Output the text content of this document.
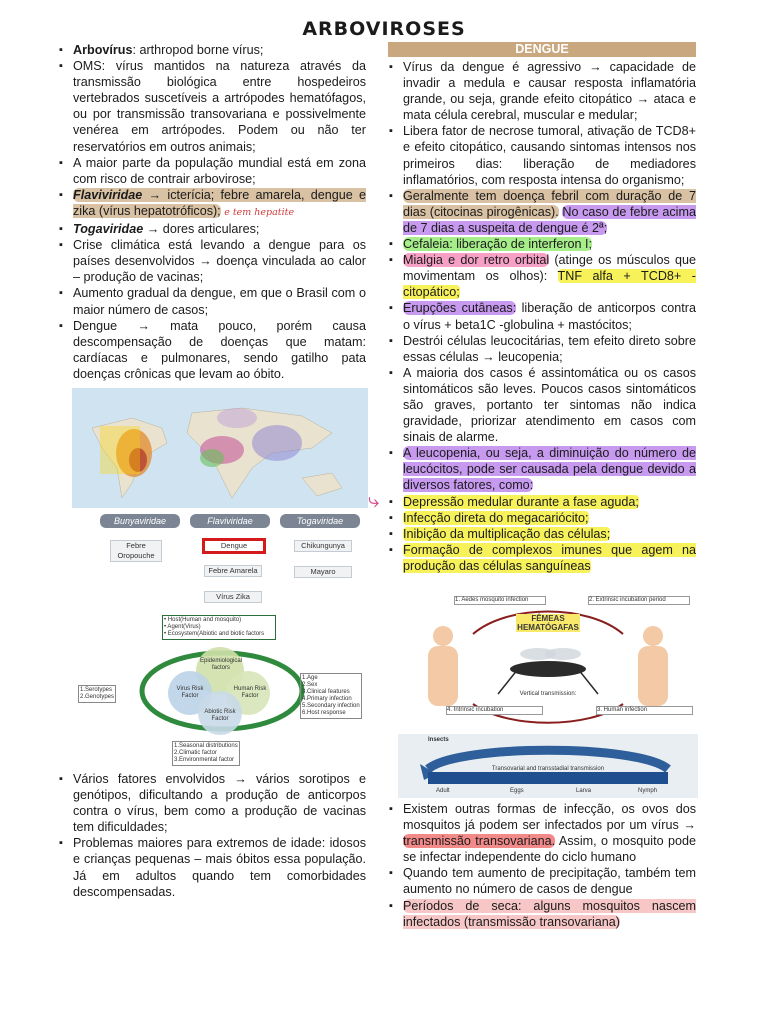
ARBOVIROSES
▪ Arbovírus: arthropod borne vírus;
▪ OMS: vírus mantidos na natureza através da transmissão biológica entre hospedeiros vertebrados suscetíveis a artrópodes hematófagos, ou por transmissão transovariana e possivelmente venérea em artrópodes. Podem ou não ter reservatórios em outros animais;
▪ A maior parte da população mundial está em zona com risco de contrair arbovirose;
▪ Flaviviridae → icterícia; febre amarela, dengue e zika (vírus hepatotróficos); e tem hepatite
▪ Togaviridae → dores articulares;
▪ Crise climática está levando a dengue para os países desenvolvidos → doença vinculada ao calor – produção de vacinas;
▪ Aumento gradual da dengue, em que o Brasil com o maior número de casos;
▪ Dengue → mata pouco, porém causa descompensação de doenças que matam: cardíacas e pulmonares, sendo gatilho pata doenças crônicas que levam ao óbito.
Bunyaviridae	Flaviviridae	Togaviridae
Febre Oropouche
Dengue
Febre Amarela
Vírus Zika
Chikungunya
Mayaro
• Host(Human and mosquito)
• Agent(Virus)
• Ecosystem(Abiotic and biotic factors
Epidemiological factors
Virus Risk Factor
Human Risk Factor
Abiotic Risk Factor
1.Serotypes
2.Genotypes
1.Age
2.Sex
3.Clinical features
4.Primary infection
5.Secondary infection
6.Host response
1.Seasonal distributions
2.Climatic factor
3.Environmental factor
▪ Vários fatores envolvidos → vários sorotipos e genótipos, dificultando a produção de anticorpos contra o vírus, bem como a produção de vacinas tem dificuldades;
▪ Problemas maiores para extremos de idade: idosos e crianças pequenas – mais óbitos essa população. Já em adultos quando tem comorbidades descompensadas.
DENGUE
▪ Vírus da dengue é agressivo → capacidade de invadir a medula e causar resposta inflamatória grande, ou seja, grande efeito citopático → ataca e mata célula cerebral, muscular e medular;
▪ Libera fator de necrose tumoral, ativação de TCD8+ e efeito citopático, causando sintomas intensos nos primeiros dias: liberação de mediadores inflamatórios, com resposta intensa do organismo;
▪ Geralmente tem doença febril com duração de 7 dias (citocinas pirogênicas). No caso de febre acima de 7 dias a suspeita de dengue é 2ª;
▪ Cefaleia: liberação de interferon I;
▪ Mialgia e dor retro orbital (atinge os músculos que movimentam os olhos): TNF alfa + TCD8+ - citopático;
▪ Erupções cutâneas: liberação de anticorpos contra o vírus + beta1C -globulina + mastócitos;
▪ Destrói células leucocitárias, tem efeito direto sobre essas células → leucopenia;
▪ A maioria dos casos é assintomática ou os casos sintomáticos são leves. Poucos casos sintomáticos são graves, portanto ter sintomas não indica gravidade, priorizar atendimento em casos com sinais de alarme.
▪ A leucopenia, ou seja, a diminuição do número de leucócitos, pode ser causada pela dengue devido a diversos fatores, como:
▪ Depressão medular durante a fase aguda;
▪ Infecção direta do megacariócito;
▪ Inibição da multiplicação das células;
▪ Formação de complexos imunes que agem na produção das células sanguíneas
⤷
FÊMEAS HEMATÓGAFAS
1. Aedes mosquito infection	2. Extrinsic incubation period
3. Human infection
4. Intrinsic incubation
Vertical transmission:
Insects
Transovarial and transstadial transmission
Adult	Eggs	Larva	Nymph
▪ Existem outras formas de infecção, os ovos dos mosquitos já podem ser infectados por um vírus → transmissão transovariana. Assim, o mosquito pode se infectar independente do ciclo humano
▪ Quando tem aumento de precipitação, também tem aumento no número de casos de dengue
▪ Períodos de seca: alguns mosquitos nascem infectados (transmissão transovariana)
